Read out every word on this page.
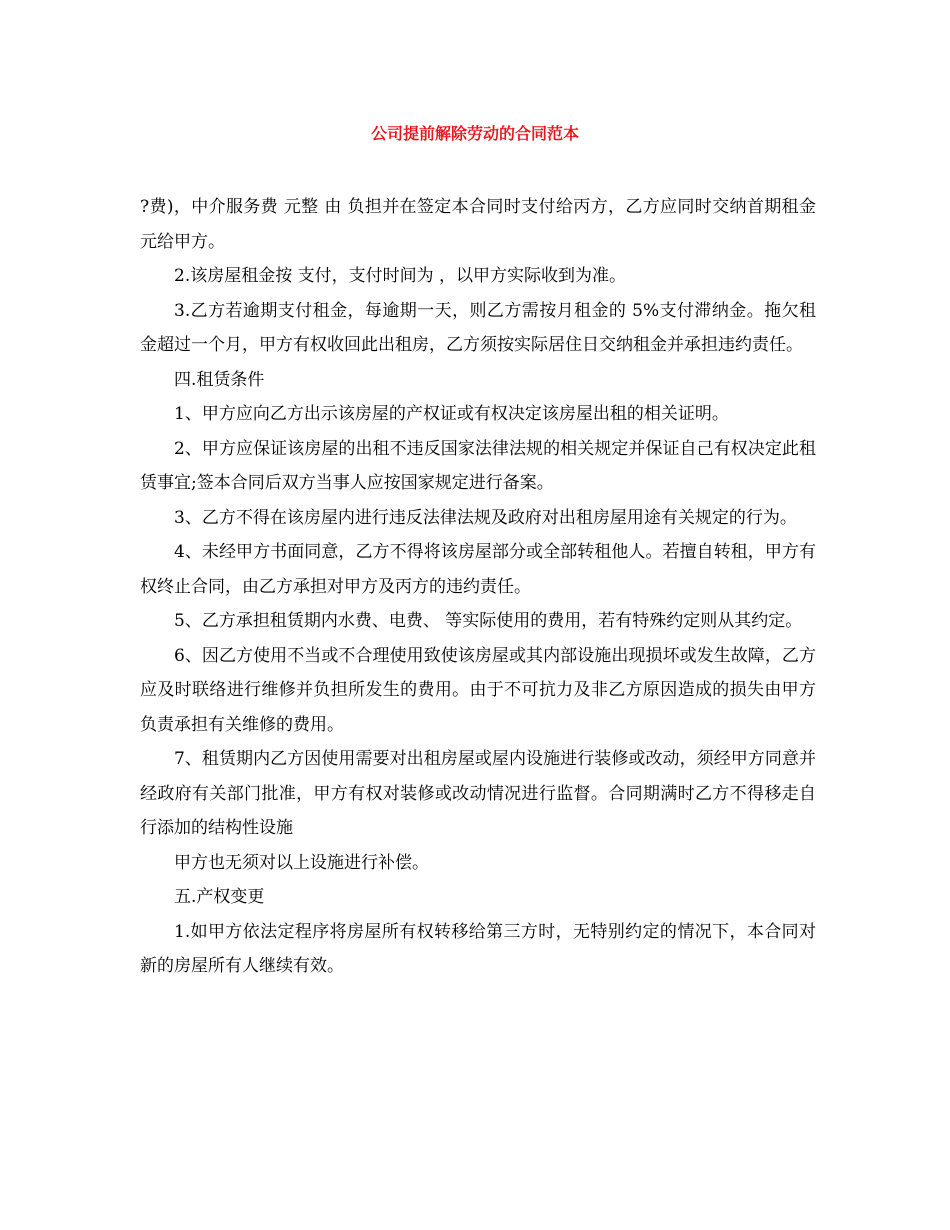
公司提前解除劳动的合同范本

?费)，中介服务费 元整 由 负担并在签定本合同时支付给丙方，乙方应同时交纳首期租金 元给甲方。

2.该房屋租金按 支付，支付时间为 ，以甲方实际收到为准。

3.乙方若逾期支付租金，每逾期一天，则乙方需按月租金的 5%支付滞纳金。拖欠租金超过一个月，甲方有权收回此出租房，乙方须按实际居住日交纳租金并承担违约责任。

四.租赁条件

1、甲方应向乙方出示该房屋的产权证或有权决定该房屋出租的相关证明。

2、甲方应保证该房屋的出租不违反国家法律法规的相关规定并保证自己有权决定此租赁事宜;签本合同后双方当事人应按国家规定进行备案。

3、乙方不得在该房屋内进行违反法律法规及政府对出租房屋用途有关规定的行为。

4、未经甲方书面同意，乙方不得将该房屋部分或全部转租他人。若擅自转租，甲方有权终止合同，由乙方承担对甲方及丙方的违约责任。

5、乙方承担租赁期内水费、电费、 等实际使用的费用，若有特殊约定则从其约定。

6、因乙方使用不当或不合理使用致使该房屋或其内部设施出现损坏或发生故障，乙方应及时联络进行维修并负担所发生的费用。由于不可抗力及非乙方原因造成的损失由甲方负责承担有关维修的费用。

7、租赁期内乙方因使用需要对出租房屋或屋内设施进行装修或改动，须经甲方同意并经政府有关部门批准，甲方有权对装修或改动情况进行监督。合同期满时乙方不得移走自行添加的结构性设施

甲方也无须对以上设施进行补偿。

五.产权变更

1.如甲方依法定程序将房屋所有权转移给第三方时，无特别约定的情况下，本合同对新的房屋所有人继续有效。
